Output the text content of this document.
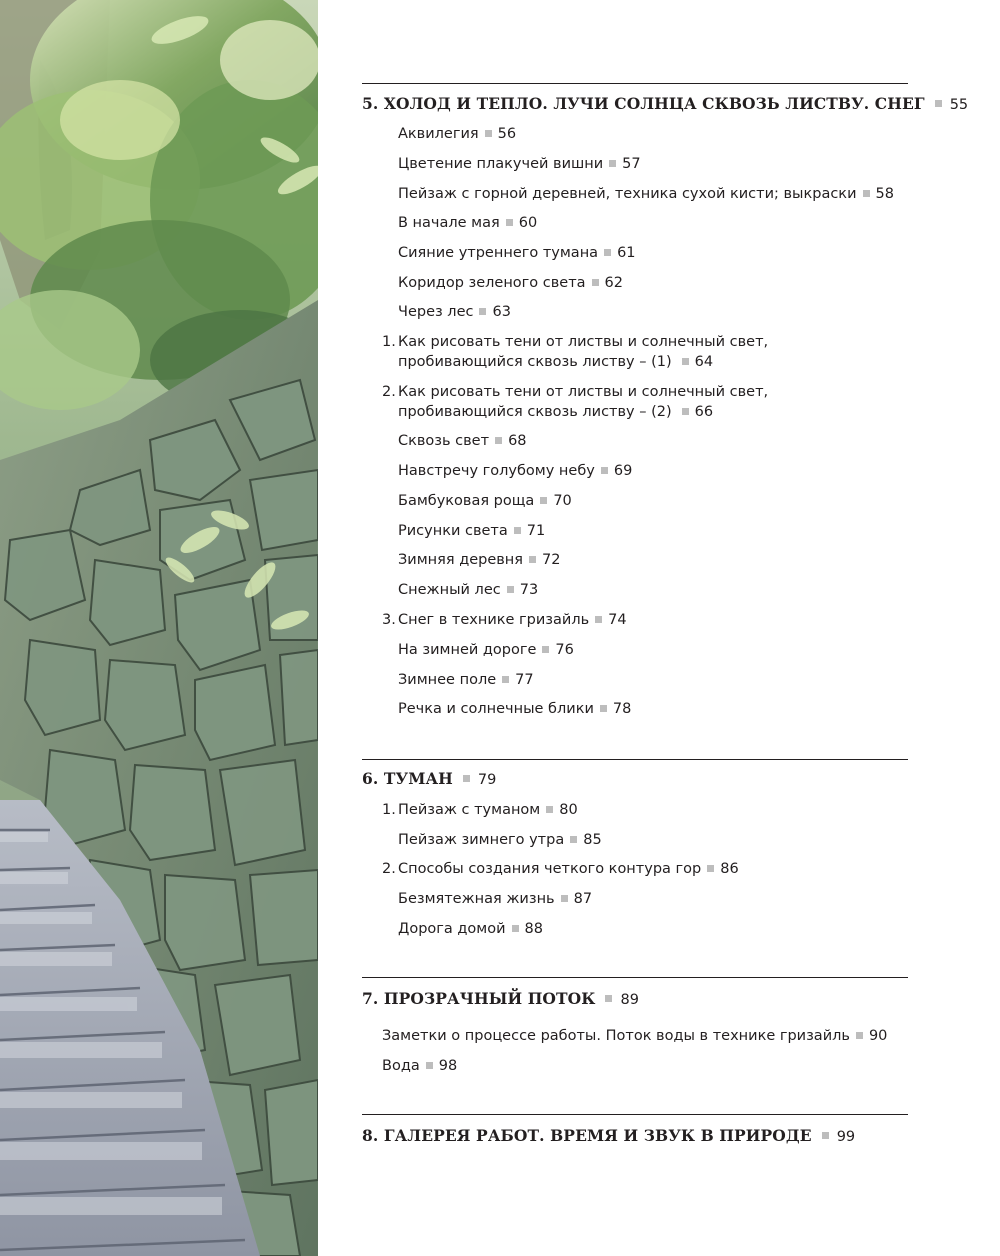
5. ХОЛОД И ТЕПЛО. ЛУЧИ СОЛНЦА СКВОЗЬ ЛИСТВУ. СНЕГ 55
Аквилегия 56
Цветение плакучей вишни 57
Пейзаж с горной деревней, техника сухой кисти; выкраски 58
В начале мая 60
Сияние утреннего тумана 61
Коридор зеленого света 62
Через лес 63
1. Как рисовать тени от листвы и солнечный свет,
пробивающийся сквозь листву – (1) 64
2. Как рисовать тени от листвы и солнечный свет,
пробивающийся сквозь листву – (2) 66
Сквозь свет 68
Навстречу голубому небу 69
Бамбуковая роща 70
Рисунки света 71
Зимняя деревня 72
Снежный лес 73
3. Снег в технике гризайль 74
На зимней дороге 76
Зимнее поле 77
Речка и солнечные блики 78
6. ТУМАН 79
1. Пейзаж с туманом 80
Пейзаж зимнего утра 85
2. Способы создания четкого контура гор 86
Безмятежная жизнь 87
Дорога домой 88
7. ПРОЗРАЧНЫЙ ПОТОК 89
Заметки о процессе работы. Поток воды в технике гризайль 90
Вода 98
8. ГАЛЕРЕЯ РАБОТ. ВРЕМЯ И ЗВУК В ПРИРОДЕ 99
